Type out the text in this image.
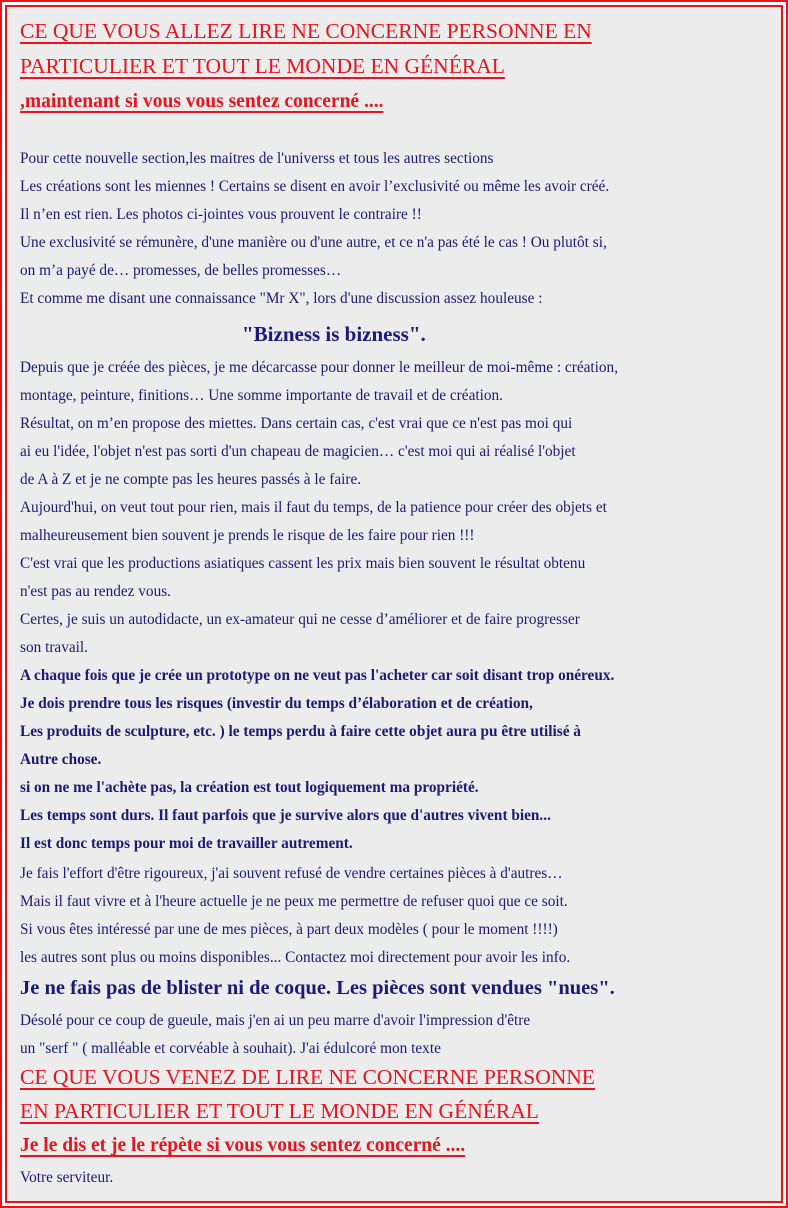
CE QUE VOUS ALLEZ LIRE NE CONCERNE PERSONNE EN
PARTICULIER ET TOUT LE MONDE EN GÉNÉRAL
,maintenant si vous vous sentez concerné ....
Pour cette nouvelle section,les maitres de l'universs et tous les autres sections
Les créations sont les miennes ! Certains se disent en avoir l’exclusivité ou même les avoir créé.
Il n’en est rien. Les photos ci-jointes vous prouvent le contraire !!
Une exclusivité se rémunère, d'une manière ou d'une autre, et ce n'a pas été le cas ! Ou plutôt si,
on m’a payé de… promesses, de belles promesses…
Et comme me disant une connaissance "Mr X", lors d'une discussion assez houleuse :
"Bizness is bizness".
Depuis que je créée des pièces, je me décarcasse pour donner le meilleur de moi-même : création,
montage, peinture, finitions… Une somme importante de travail et de création.
Résultat, on m’en propose des miettes. Dans certain cas, c'est vrai que ce n'est pas moi qui
ai eu l'idée, l'objet n'est pas sorti d'un chapeau de magicien… c'est moi qui ai réalisé l'objet
de A à Z et je ne compte pas les heures passés à le faire.
Aujourd'hui, on veut tout pour rien, mais il faut du temps, de la patience pour créer des objets et
malheureusement bien souvent je prends le risque de les faire pour rien !!!
C'est vrai que les productions asiatiques cassent les prix mais bien souvent le résultat obtenu
n'est pas au rendez vous.
Certes, je suis un autodidacte, un ex-amateur qui ne cesse d’améliorer et de faire progresser
son travail.
A chaque fois que je crée un prototype on ne veut pas l'acheter car soit disant trop onéreux.
Je dois prendre tous les risques (investir du temps d’élaboration et de création,
Les produits de sculpture, etc. ) le temps perdu à faire cette objet aura pu être utilisé à
Autre chose.
si on ne me l'achète pas, la création est tout logiquement ma propriété.
Les temps sont durs. Il faut parfois que je survive alors que d'autres vivent bien...
Il est donc temps pour moi de travailler autrement.
Je fais l'effort d'être rigoureux, j'ai souvent refusé de vendre certaines pièces à d'autres…
Mais il faut vivre et à l'heure actuelle je ne peux me permettre de refuser quoi que ce soit.
Si vous êtes intéressé par une de mes pièces, à part deux modèles ( pour le moment !!!!)
les autres sont plus ou moins disponibles... Contactez moi directement pour avoir les info.
Je ne fais pas de blister ni de coque. Les pièces sont vendues "nues".
Désolé pour ce coup de gueule, mais j'en ai un peu marre d'avoir l'impression d'être
un "serf " ( malléable et corvéable à souhait). J'ai édulcoré mon texte
CE QUE VOUS VENEZ DE LIRE NE CONCERNE PERSONNE
EN PARTICULIER ET TOUT LE MONDE EN GÉNÉRAL
Je le dis et je le répète si vous vous sentez concerné ....
Votre serviteur.
